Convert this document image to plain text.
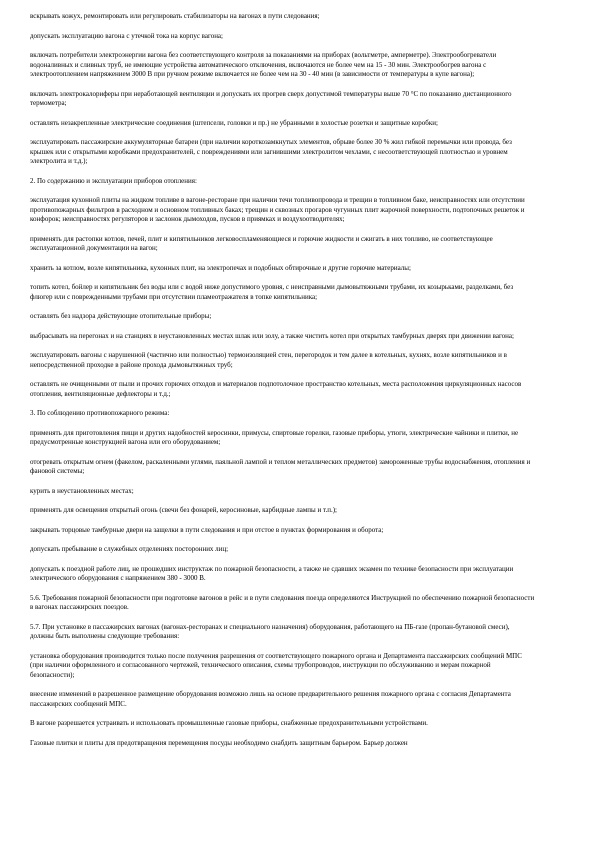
вскрывать кожух, ремонтировать или регулировать стабилизаторы на вагонах в пути следования;

допускать эксплуатацию вагона с утечкой тока на корпус вагона;

включать потребители электроэнергии вагона без соответствующего контроля за показаниями на приборах (вольтметре, амперметре). Электрообогреватели водоналивных и сливных труб, не имеющие устройства автоматического отключения, включаются не более чем на 15 - 30 мин. Электрообогрев вагона с электроотоплением напряжением 3000 В при ручном режиме включается не более чем на 30 - 40 мин (в зависимости от температуры в купе вагона);

включать электрокалориферы при неработающей вентиляции и допускать их прогрев сверх допустимой температуры выше 70 °С по показанию дистанционного термометра;

оставлять незакрепленные электрические соединения (штепсели, головки и пр.) не убранными в холостые розетки и защитные коробки;

эксплуатировать пассажирские аккумуляторные батареи (при наличии короткозамкнутых элементов, обрыве более 30 % жил гибкой перемычки или провода, без крышек или с открытыми коробками предохранителей, с повреждениями или загнившими электролитом чехлами, с несоответствующей плотностью и уровнем электролита и т.д.);

2. По содержанию и эксплуатации приборов отопления:

эксплуатация кухонной плиты на жидком топливе в вагоне-ресторане при наличии течи топливопровода и трещин в топливном баке, неисправностях или отсутствии противопожарных фильтров в расходном и основном топливных баках; трещин и сквозных прогаров чугунных плит жарочной поверхности, подтопочных решеток и конфорок; неисправностях регуляторов и заслонок дымоходов, пусков в приямках и воздухоотводителях;

применять для растопки котлов, печей, плит и кипятильников легковоспламеняющиеся и горючие жидкости и сжигать в них топливо, не соответствующее эксплуатационной документации на вагон;

хранить за котлом, возле кипятильника, кухонных плит, на электропечах и подобных обтирочные и другие горючие материалы;

топить котел, бойлер и кипятильник без воды или с водой ниже допустимого уровня, с неисправными дымовытяжными трубами, их козырьками, разделками, без флюгер или с поврежденными трубами при отсутствии пламеотражателя в топке кипятильника;

оставлять без надзора действующие отопительные приборы;

выбрасывать на перегонах и на станциях в неустановленных местах шлак или золу, а также чистить котел при открытых тамбурных дверях при движении вагона;

эксплуатировать вагоны с нарушенной (частично или полностью) термоизоляцией стен, перегородок и тем далее в котельных, кухнях, возле кипятильников и в непосредственной проходке в районе прохода дымовытяжных труб;

оставлять не очищенными от пыли и прочих горючих отходов и материалов подпотолочное пространство котельных, места расположения циркуляционных насосов отопления, вентиляционные дефлекторы и т.д.;

3. По соблюдению противопожарного режима:

применять для приготовления пищи и других надобностей керосинки, примусы, спиртовые горелки, газовые приборы, утюги, электрические чайники и плитки, не предусмотренные конструкцией вагона или его оборудованием;

отогревать открытым огнем (факелом, раскаленными углями, паяльной лампой и теплом металлических предметов) замороженные трубы водоснабжения, отопления и фановой системы;

курить в неустановленных местах;

применять для освещения открытый огонь (свечи без фонарей, керосиновые, карбидные лампы и т.п.);

закрывать торцовые тамбурные двери на защелки в пути следования и при отстое в пунктах формирования и оборота;

допускать пребывание в служебных отделениях посторонних лиц;

допускать к поездной работе лиц, не прошедших инструктаж по пожарной безопасности, а также не сдавших экзамен по технике безопасности при эксплуатации электрического оборудования с напряжением 380 - 3000 В.

5.6. Требования пожарной безопасности при подготовке вагонов в рейс и в пути следования поезда определяются Инструкцией по обеспечению пожарной безопасности в вагонах пассажирских поездов.

5.7. При установке в пассажирских вагонах (вагонах-ресторанах и специального назначения) оборудования, работающего на ПБ-газе (пропан-бутановой смеси), должны быть выполнены следующие требования:

установка оборудования производится только после получения разрешения от соответствующего пожарного органа и Департамента пассажирских сообщений МПС (при наличии оформленного и согласованного чертежей, технического описания, схемы трубопроводов, инструкции по обслуживанию и мерам пожарной безопасности);

внесение изменений в разрешенное размещение оборудования возможно лишь на основе предварительного решения пожарного органа с согласия Департамента пассажирских сообщений МПС.

В вагоне разрешается устраивать и использовать промышленные газовые приборы, снабженные предохранительными устройствами.

Газовые плитки и плиты для предотвращения перемещения посуды необходимо снабдить защитным барьером. Барьер должен
